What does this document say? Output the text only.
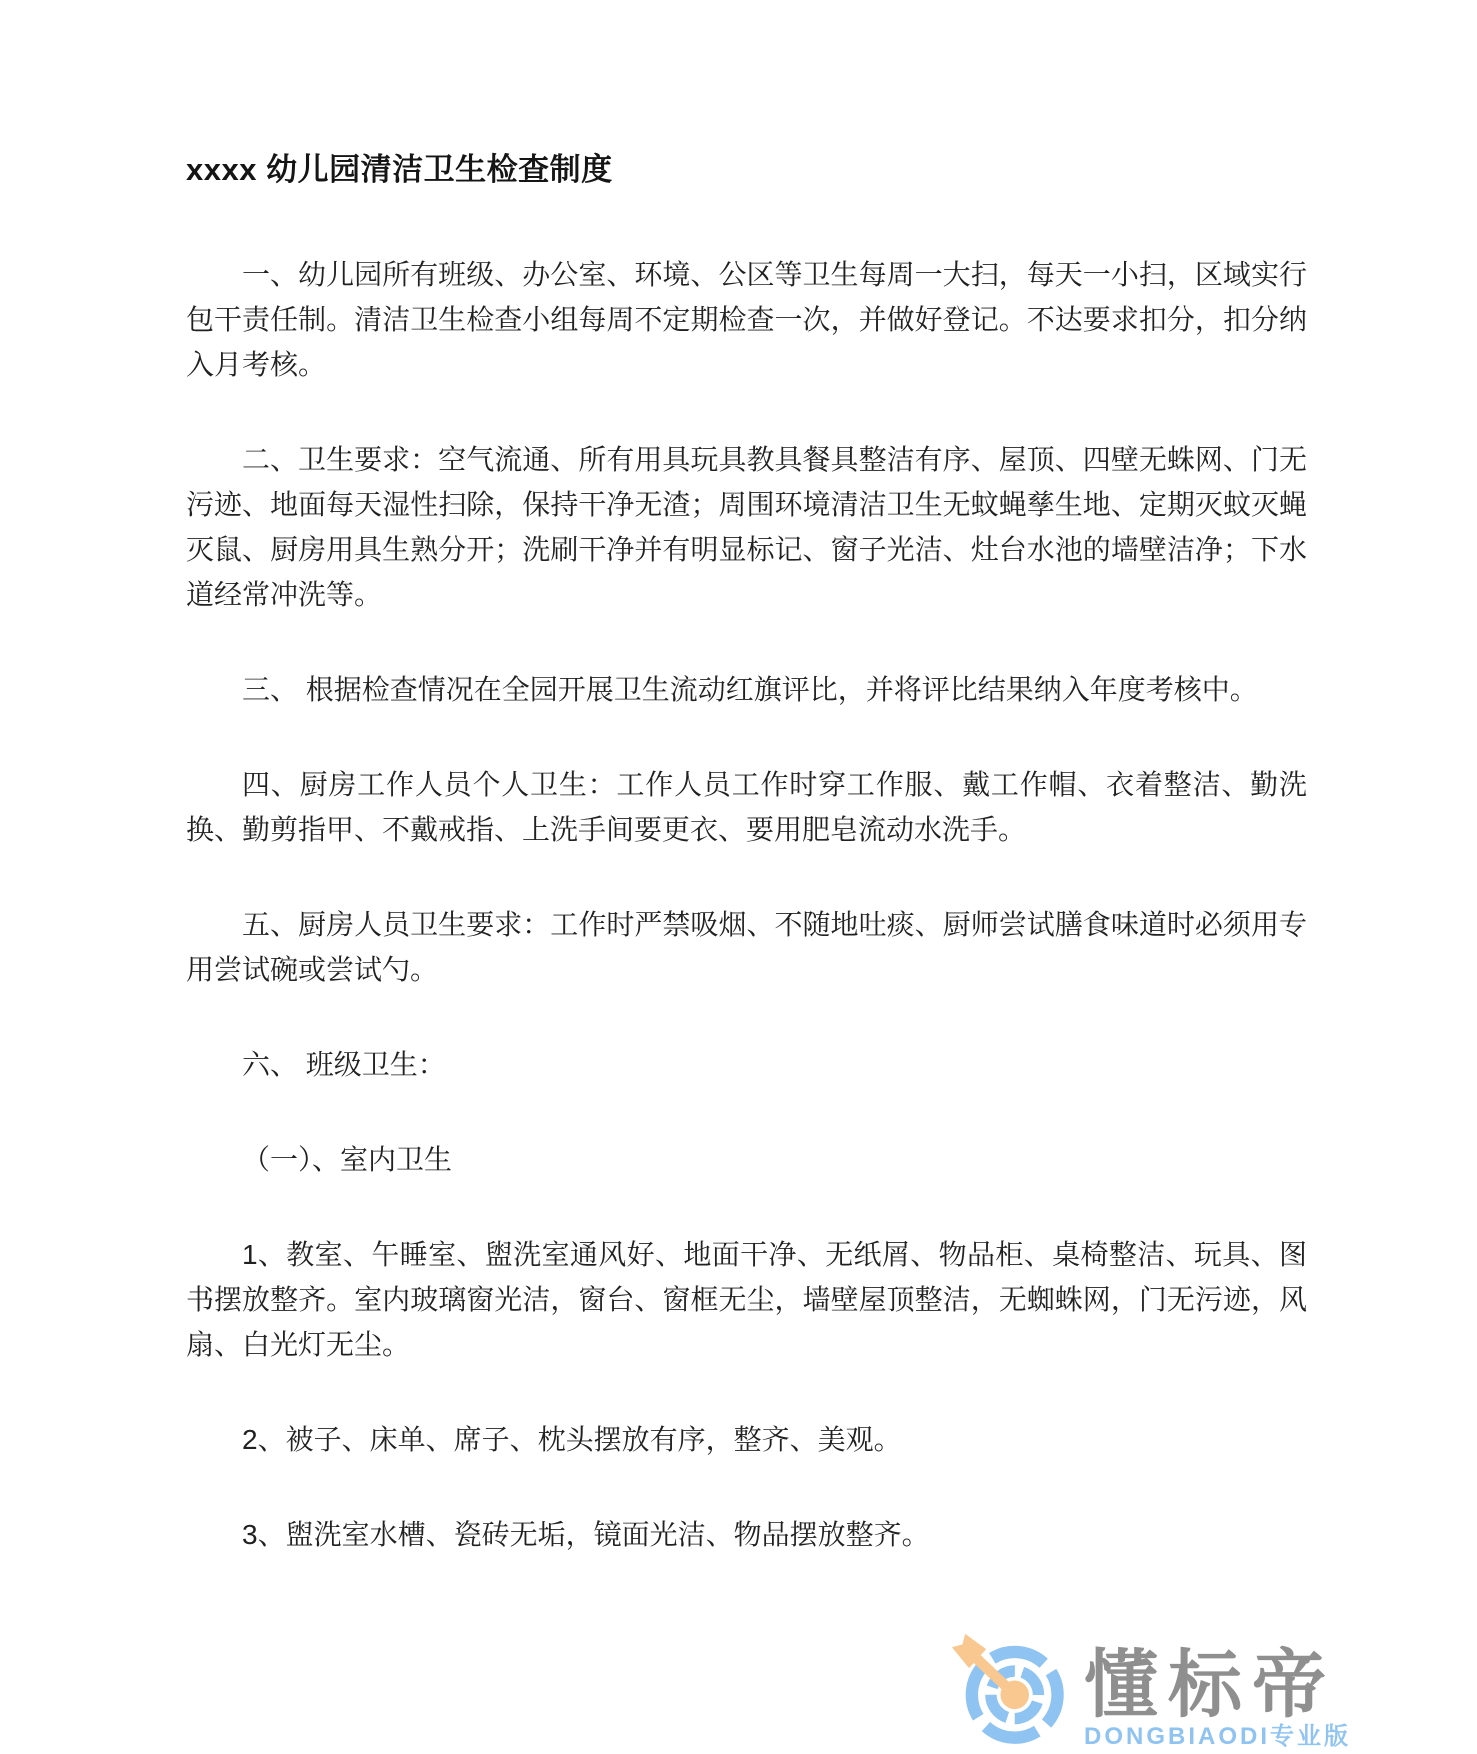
xxxx 幼儿园清洁卫生检查制度

一、幼儿园所有班级、办公室、环境、公区等卫生每周一大扫，每天一小扫，区域实行包干责任制。清洁卫生检查小组每周不定期检查一次，并做好登记。不达要求扣分，扣分纳入月考核。

二、卫生要求：空气流通、所有用具玩具教具餐具整洁有序、屋顶、四壁无蛛网、门无污迹、地面每天湿性扫除，保持干净无渣；周围环境清洁卫生无蚊蝇孳生地、定期灭蚊灭蝇灭鼠、厨房用具生熟分开；洗刷干净并有明显标记、窗子光洁、灶台水池的墙壁洁净；下水道经常冲洗等。

三、 根据检查情况在全园开展卫生流动红旗评比，并将评比结果纳入年度考核中。

四、厨房工作人员个人卫生：工作人员工作时穿工作服、戴工作帽、衣着整洁、勤洗换、勤剪指甲、不戴戒指、上洗手间要更衣、要用肥皂流动水洗手。

五、厨房人员卫生要求：工作时严禁吸烟、不随地吐痰、厨师尝试膳食味道时必须用专用尝试碗或尝试勺。

六、 班级卫生：

（一）、室内卫生

1、教室、午睡室、盥洗室通风好、地面干净、无纸屑、物品柜、桌椅整洁、玩具、图书摆放整齐。室内玻璃窗光洁，窗台、窗框无尘，墙壁屋顶整洁，无蜘蛛网，门无污迹，风扇、白光灯无尘。

2、被子、床单、席子、枕头摆放有序，整齐、美观。

3、盥洗室水槽、瓷砖无垢，镜面光洁、物品摆放整齐。

懂标帝
DONGBIAODI专业版
